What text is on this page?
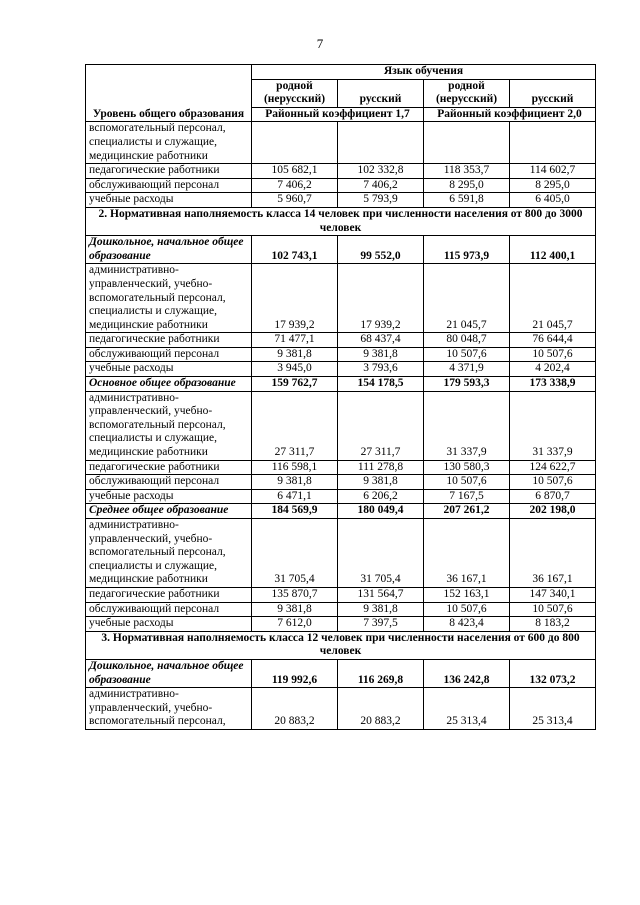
7
Уровень общего образования	Язык обучения			
	родной (нерусский)	русский	родной (нерусский)	русский
	Районный коэффициент 1,7		Районный коэффициент 2,0	
вспомогательный персонал, специалисты и служащие, медицинские работники				
педагогические работники	105 682,1	102 332,8	118 353,7	114 602,7
обслуживающий персонал	7 406,2	7 406,2	8 295,0	8 295,0
учебные расходы	5 960,7	5 793,9	6 591,8	6 405,0
2. Нормативная наполняемость класса 14 человек при численности населения от 800 до 3000 человек				
Дошкольное, начальное общее образование	102 743,1	99 552,0	115 973,9	112 400,1
административно-управленческий, учебно-вспомогательный персонал, специалисты и служащие, медицинские работники	17 939,2	17 939,2	21 045,7	21 045,7
педагогические работники	71 477,1	68 437,4	80 048,7	76 644,4
обслуживающий персонал	9 381,8	9 381,8	10 507,6	10 507,6
учебные расходы	3 945,0	3 793,6	4 371,9	4 202,4
Основное общее образование	159 762,7	154 178,5	179 593,3	173 338,9
административно-управленческий, учебно-вспомогательный персонал, специалисты и служащие, медицинские работники	27 311,7	27 311,7	31 337,9	31 337,9
педагогические работники	116 598,1	111 278,8	130 580,3	124 622,7
обслуживающий персонал	9 381,8	9 381,8	10 507,6	10 507,6
учебные расходы	6 471,1	6 206,2	7 167,5	6 870,7
Среднее общее образование	184 569,9	180 049,4	207 261,2	202 198,0
административно-управленческий, учебно-вспомогательный персонал, специалисты и служащие, медицинские работники	31 705,4	31 705,4	36 167,1	36 167,1
педагогические работники	135 870,7	131 564,7	152 163,1	147 340,1
обслуживающий персонал	9 381,8	9 381,8	10 507,6	10 507,6
учебные расходы	7 612,0	7 397,5	8 423,4	8 183,2
3. Нормативная наполняемость класса 12 человек при численности населения от 600 до 800 человек				
Дошкольное, начальное общее образование	119 992,6	116 269,8	136 242,8	132 073,2
административно-управленческий, учебно-вспомогательный персонал,	20 883,2	20 883,2	25 313,4	25 313,4
